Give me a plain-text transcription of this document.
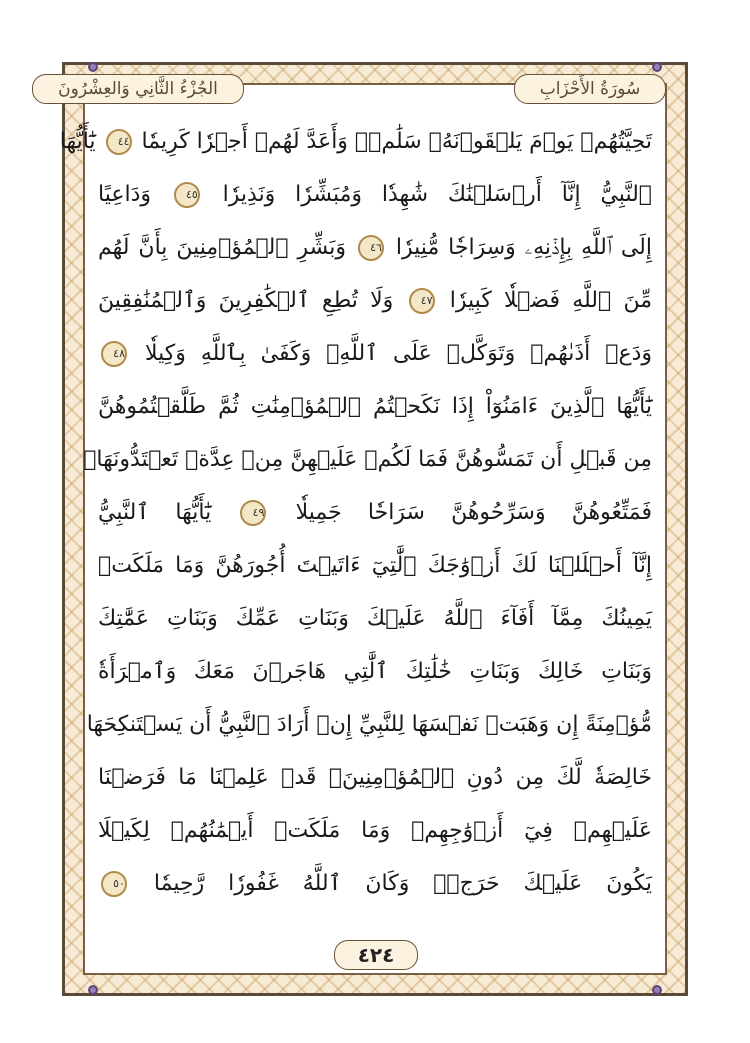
سُورَةُ الأَحْزَابِ
الجُزْءُ الثَّانِي وَالعِشْرُونَ
تَحِيَّتُهُمۡ يَوۡمَ يَلۡقَوۡنَهُۥ سَلَٰمٞۚ وَأَعَدَّ لَهُمۡ أَجۡرٗا كَرِيمٗا ٤٤ يَٰٓأَيُّهَا
ٱلنَّبِيُّ إِنَّآ أَرۡسَلۡنَٰكَ شَٰهِدٗا وَمُبَشِّرٗا وَنَذِيرٗا ٤٥ وَدَاعِيًا
إِلَى ٱللَّهِ بِإِذۡنِهِۦ وَسِرَاجٗا مُّنِيرٗا ٤٦ وَبَشِّرِ ٱلۡمُؤۡمِنِينَ بِأَنَّ لَهُم
مِّنَ ٱللَّهِ فَضۡلٗا كَبِيرٗا ٤٧ وَلَا تُطِعِ ٱلۡكَٰفِرِينَ وَٱلۡمُنَٰفِقِينَ
وَدَعۡ أَذَىٰهُمۡ وَتَوَكَّلۡ عَلَى ٱللَّهِۚ وَكَفَىٰ بِٱللَّهِ وَكِيلٗا ٤٨
يَٰٓأَيُّهَا ٱلَّذِينَ ءَامَنُوٓاْ إِذَا نَكَحۡتُمُ ٱلۡمُؤۡمِنَٰتِ ثُمَّ طَلَّقۡتُمُوهُنَّ
مِن قَبۡلِ أَن تَمَسُّوهُنَّ فَمَا لَكُمۡ عَلَيۡهِنَّ مِنۡ عِدَّةٖ تَعۡتَدُّونَهَاۖ
فَمَتِّعُوهُنَّ وَسَرِّحُوهُنَّ سَرَاحٗا جَمِيلٗا ٤٩ يَٰٓأَيُّهَا ٱلنَّبِيُّ
إِنَّآ أَحۡلَلۡنَا لَكَ أَزۡوَٰجَكَ ٱلَّٰتِيٓ ءَاتَيۡتَ أُجُورَهُنَّ وَمَا مَلَكَتۡ
يَمِينُكَ مِمَّآ أَفَآءَ ٱللَّهُ عَلَيۡكَ وَبَنَاتِ عَمِّكَ وَبَنَاتِ عَمَّٰتِكَ
وَبَنَاتِ خَالِكَ وَبَنَاتِ خَٰلَٰتِكَ ٱلَّٰتِي هَاجَرۡنَ مَعَكَ وَٱمۡرَأَةٗ
مُّؤۡمِنَةً إِن وَهَبَتۡ نَفۡسَهَا لِلنَّبِيِّ إِنۡ أَرَادَ ٱلنَّبِيُّ أَن يَسۡتَنكِحَهَا
خَالِصَةٗ لَّكَ مِن دُونِ ٱلۡمُؤۡمِنِينَۗ قَدۡ عَلِمۡنَا مَا فَرَضۡنَا
عَلَيۡهِمۡ فِيٓ أَزۡوَٰجِهِمۡ وَمَا مَلَكَتۡ أَيۡمَٰنُهُمۡ لِكَيۡلَا
يَكُونَ عَلَيۡكَ حَرَجٞۗ وَكَانَ ٱللَّهُ غَفُورٗا رَّحِيمٗا ٥٠
٤٢٤
